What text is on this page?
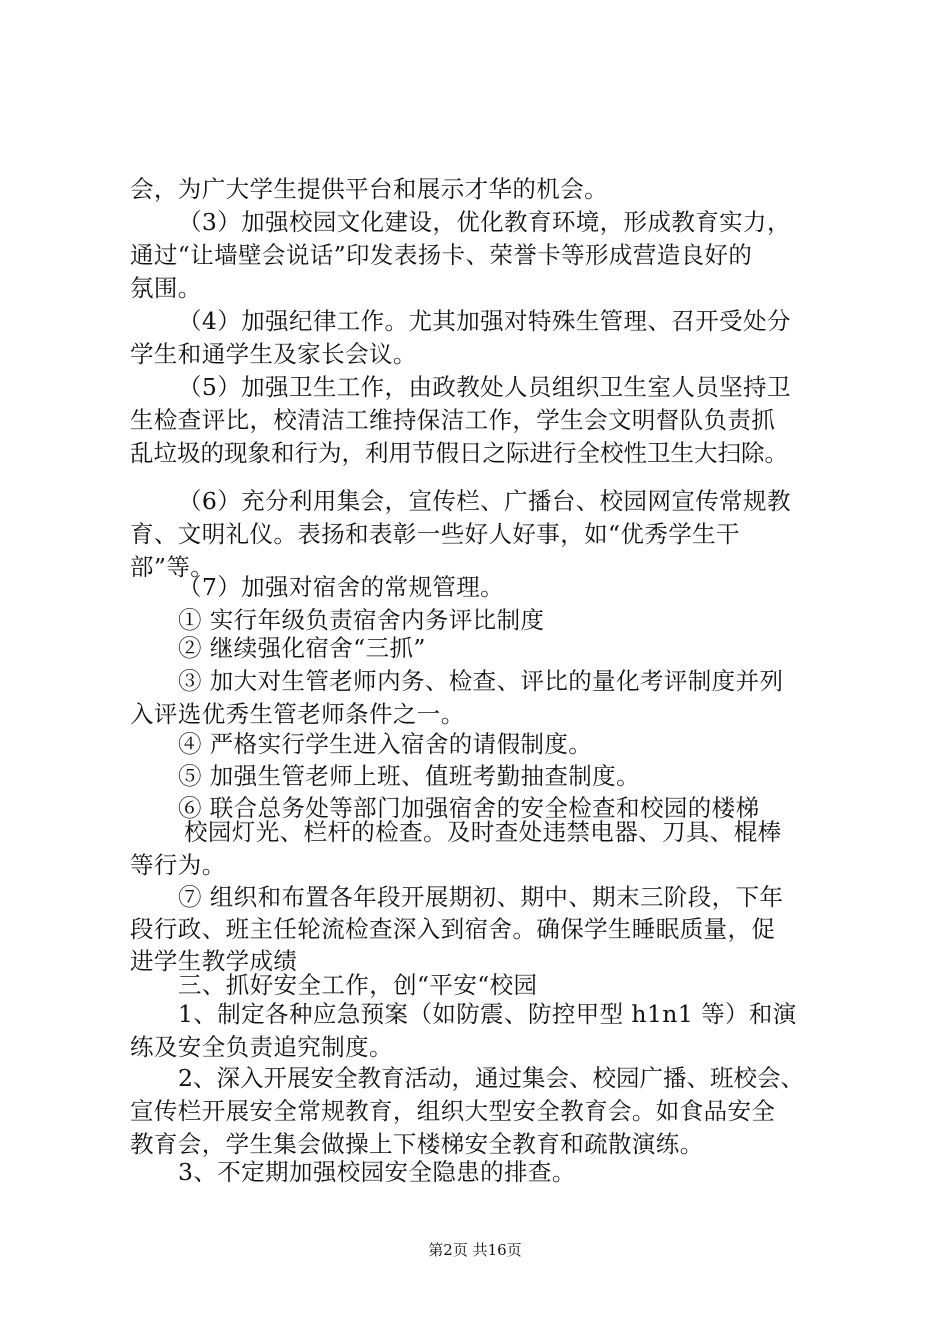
会，为广大学生提供平台和展示才华的机会。
（3）加强校园文化建设，优化教育环境，形成教育实力，
通过“让墙壁会说话”印发表扬卡、荣誉卡等形成营造良好的
氛围。
（4）加强纪律工作。尤其加强对特殊生管理、召开受处分
学生和通学生及家长会议。
（5）加强卫生工作，由政教处人员组织卫生室人员坚持卫
生检查评比，校清洁工维持保洁工作，学生会文明督队负责抓
乱垃圾的现象和行为，利用节假日之际进行全校性卫生大扫除。
（6）充分利用集会，宣传栏、广播台、校园网宣传常规教
育、文明礼仪。表扬和表彰一些好人好事，如“优秀学生干
部”等。
（7）加强对宿舍的常规管理。
① 实行年级负责宿舍内务评比制度
② 继续强化宿舍“三抓”
③ 加大对生管老师内务、检查、评比的量化考评制度并列
入评选优秀生管老师条件之一。
④ 严格实行学生进入宿舍的请假制度。
⑤ 加强生管老师上班、值班考勤抽查制度。
⑥ 联合总务处等部门加强宿舍的安全检查和校园的楼梯
校园灯光、栏杆的检查。及时查处违禁电器、刀具、棍棒
等行为。
⑦ 组织和布置各年段开展期初、期中、期末三阶段，下年
段行政、班主任轮流检查深入到宿舍。确保学生睡眠质量，促
进学生教学成绩
三、抓好安全工作，创“平安“校园
1、制定各种应急预案（如防震、防控甲型 h1n1 等）和演
练及安全负责追究制度。
2、深入开展安全教育活动，通过集会、校园广播、班校会、
宣传栏开展安全常规教育，组织大型安全教育会。如食品安全
教育会，学生集会做操上下楼梯安全教育和疏散演练。
3、不定期加强校园安全隐患的排查。
第2页 共16页
